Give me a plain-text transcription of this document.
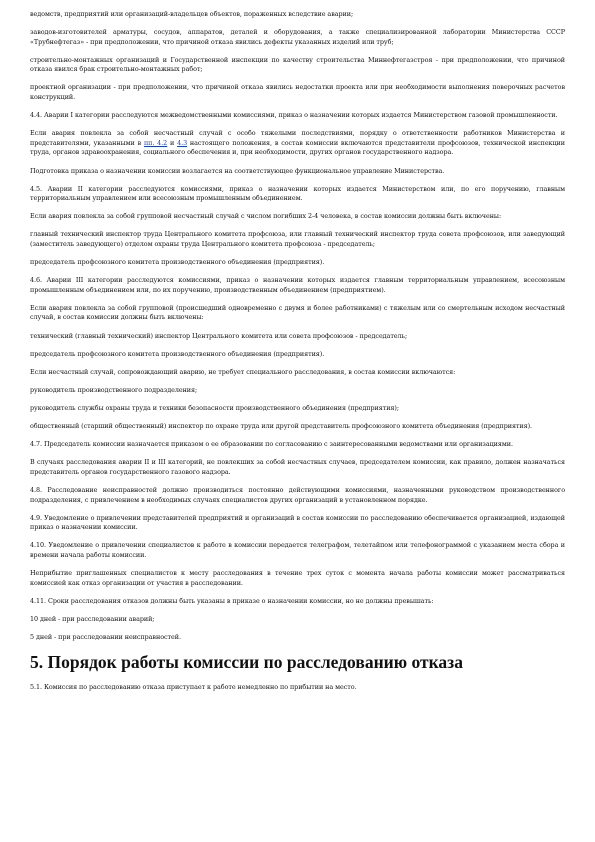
ведомств, предприятий или организаций-владельцев объектов, пораженных вследствие аварии;

заводов-изготовителей арматуры, сосудов, аппаратов, деталей и оборудования, а также специализированной лаборатории Министерства СССР «Трубнефтегаз» - при предположении, что причиной отказа явились дефекты указанных изделий или труб;

строительно-монтажных организаций и Государственной инспекции по качеству строительства Миннефтегазстроя - при предположении, что причиной отказа явился брак строительно-монтажных работ;

проектной организации - при предположении, что причиной отказа явились недостатки проекта или при необходимости выполнения поверочных расчетов конструкций.

4.4. Аварии I категории расследуются межведомственными комиссиями, приказ о назначении которых издается Министерством газовой промышленности.

Если авария повлекла за собой несчастный случай с особо тяжелыми последствиями, порядку о ответственности работников Министерства и представителями, указанными в пп. 4.2 и 4.3 настоящего положения, в состав комиссии включаются представители профсоюзов, технической инспекции труда, органов здравоохранения, социального обеспечения и, при необходимости, других органов государственного надзора.

Подготовка приказа о назначении комиссии возлагается на соответствующее функциональное управление Министерства.

4.5. Аварии II категории расследуются комиссиями, приказ о назначении которых издается Министерством или, по его поручению, главным территориальным управлением или всесоюзным промышленным объединением.

Если авария повлекла за собой групповой несчастный случай с числом погибших 2-4 человека, в состав комиссии должны быть включены:

главный технический инспектор труда Центрального комитета профсоюза, или главный технический инспектор труда совета профсоюзов, или заведующий (заместитель заведующего) отделом охраны труда Центрального комитета профсоюза - председатель;

председатель профсоюзного комитета производственного объединения (предприятия).

4.6. Аварии III категории расследуются комиссиями, приказ о назначении которых издается главным территориальным управлением, всесоюзным промышленным объединением или, по их поручению, производственным объединением (предприятием).

Если авария повлекла за собой групповой (происшедший одновременно с двумя и более работниками) с тяжелым или со смертельным исходом несчастный случай, в состав комиссии должны быть включены:

технический (главный технический) инспектор Центрального комитета или совета профсоюзов - председатель;

председатель профсоюзного комитета производственного объединения (предприятия).

Если несчастный случай, сопровождающий аварию, не требует специального расследования, в состав комиссии включаются:

руководитель производственного подразделения;

руководитель службы охраны труда и техники безопасности производственного объединения (предприятия);

общественный (старший общественный) инспектор по охране труда или другой представитель профсоюзного комитета объединения (предприятия).

4.7. Председатель комиссии назначается приказом о ее образовании по согласованию с заинтересованными ведомствами или организациями.

В случаях расследования аварии II и III категорий, не повлекших за собой несчастных случаев, председателем комиссии, как правило, должен назначаться представитель органов государственного газового надзора.

4.8. Расследование неисправностей должно производиться постоянно действующими комиссиями, назначенными руководством производственного подразделения, с привлечением в необходимых случаях специалистов других организаций в установленном порядке.

4.9. Уведомление о привлечении представителей предприятий и организаций в состав комиссии по расследованию обеспечивается организацией, издающей приказ о назначении комиссии.

4.10. Уведомление о привлечении специалистов к работе в комиссии передается телеграфом, телетайпом или телефонограммой с указанием места сбора и времени начала работы комиссии.

Неприбытие приглашенных специалистов к месту расследования в течение трех суток с момента начала работы комиссии может рассматриваться комиссией как отказ организации от участия в расследовании.

4.11. Сроки расследования отказов должны быть указаны в приказе о назначении комиссии, но не должны превышать:

10 дней - при расследовании аварий;

5 дней - при расследовании неисправностей.

5. Порядок работы комиссии по расследованию отказа

5.1. Комиссия по расследованию отказа приступает к работе немедленно по прибытии на место.
